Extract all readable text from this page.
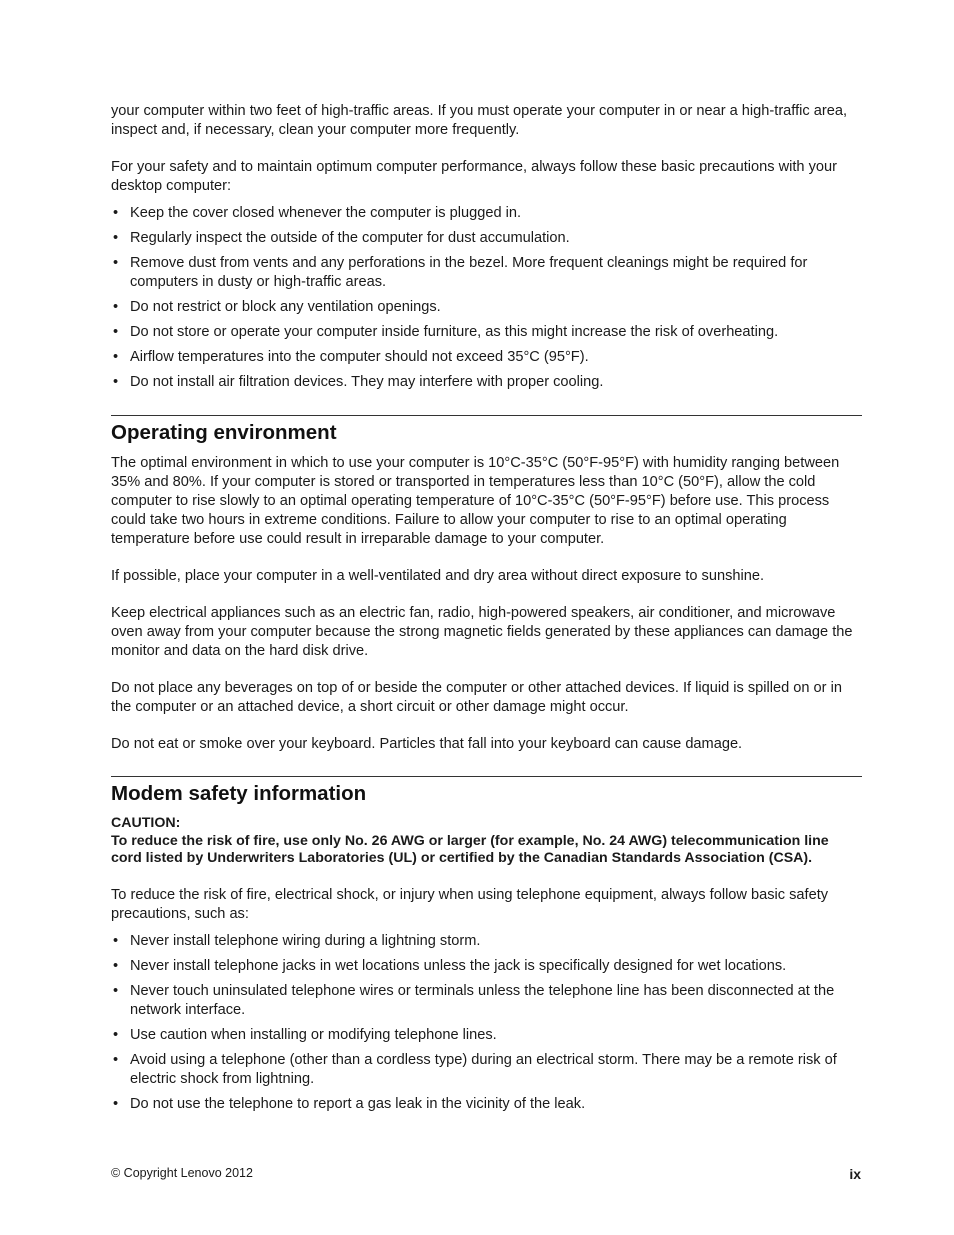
your computer within two feet of high-traffic areas. If you must operate your computer in or near a high-traffic area, inspect and, if necessary, clean your computer more frequently.

For your safety and to maintain optimum computer performance, always follow these basic precautions with your desktop computer:

• Keep the cover closed whenever the computer is plugged in.
• Regularly inspect the outside of the computer for dust accumulation.
• Remove dust from vents and any perforations in the bezel. More frequent cleanings might be required for computers in dusty or high-traffic areas.
• Do not restrict or block any ventilation openings.
• Do not store or operate your computer inside furniture, as this might increase the risk of overheating.
• Airflow temperatures into the computer should not exceed 35°C (95°F).
• Do not install air filtration devices. They may interfere with proper cooling.
Operating environment

The optimal environment in which to use your computer is 10°C-35°C (50°F-95°F) with humidity ranging between 35% and 80%. If your computer is stored or transported in temperatures less than 10°C (50°F), allow the cold computer to rise slowly to an optimal operating temperature of 10°C-35°C (50°F-95°F) before use. This process could take two hours in extreme conditions. Failure to allow your computer to rise to an optimal operating temperature before use could result in irreparable damage to your computer.

If possible, place your computer in a well-ventilated and dry area without direct exposure to sunshine.

Keep electrical appliances such as an electric fan, radio, high-powered speakers, air conditioner, and microwave oven away from your computer because the strong magnetic fields generated by these appliances can damage the monitor and data on the hard disk drive.

Do not place any beverages on top of or beside the computer or other attached devices. If liquid is spilled on or in the computer or an attached device, a short circuit or other damage might occur.

Do not eat or smoke over your keyboard. Particles that fall into your keyboard can cause damage.

Modem safety information
CAUTION:
To reduce the risk of fire, use only No. 26 AWG or larger (for example, No. 24 AWG) telecommunication line cord listed by Underwriters Laboratories (UL) or certified by the Canadian Standards Association (CSA).

To reduce the risk of fire, electrical shock, or injury when using telephone equipment, always follow basic safety precautions, such as:

• Never install telephone wiring during a lightning storm.
• Never install telephone jacks in wet locations unless the jack is specifically designed for wet locations.
• Never touch uninsulated telephone wires or terminals unless the telephone line has been disconnected at the network interface.
• Use caution when installing or modifying telephone lines.
• Avoid using a telephone (other than a cordless type) during an electrical storm. There may be a remote risk of electric shock from lightning.
• Do not use the telephone to report a gas leak in the vicinity of the leak.
© Copyright Lenovo 2012	ix
